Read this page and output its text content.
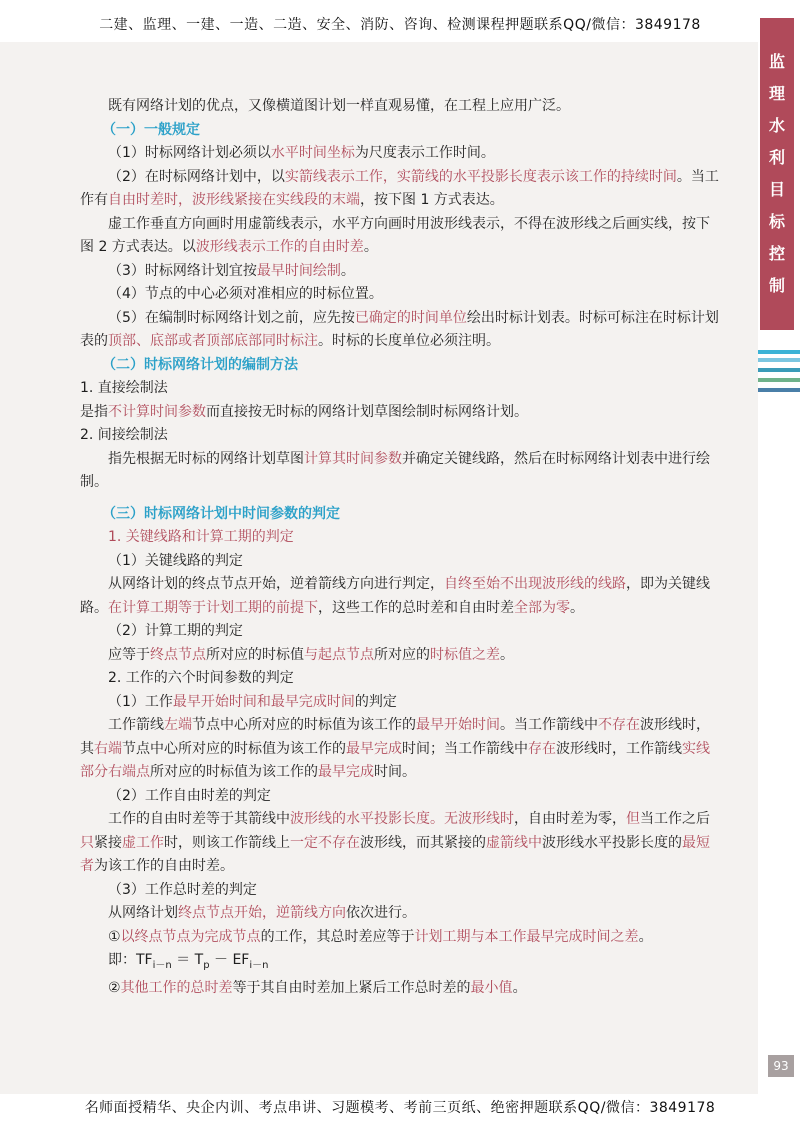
二建、监理、一建、一造、二造、安全、消防、咨询、检测课程押题联系QQ/微信：3849178
监
理
水
利
目
标
控
制

既有网络计划的优点，又像横道图计划一样直观易懂，在工程上应用广泛。

（一）一般规定

（1）时标网络计划必须以水平时间坐标为尺度表示工作时间。

（2）在时标网络计划中，以实箭线表示工作，实箭线的水平投影长度表示该工作的持续时间。当工作有自由时差时，波形线紧接在实线段的末端，按下图 1 方式表达。

虚工作垂直方向画时用虚箭线表示，水平方向画时用波形线表示，不得在波形线之后画实线，按下图 2 方式表达。以波形线表示工作的自由时差。

（3）时标网络计划宜按最早时间绘制。

（4）节点的中心必须对准相应的时标位置。

（5）在编制时标网络计划之前，应先按已确定的时间单位绘出时标计划表。时标可标注在时标计划表的顶部、底部或者顶部底部同时标注。时标的长度单位必须注明。

（二）时标网络计划的编制方法

1. 直接绘制法

是指不计算时间参数而直接按无时标的网络计划草图绘制时标网络计划。

2. 间接绘制法

指先根据无时标的网络计划草图计算其时间参数并确定关键线路，然后在时标网络计划表中进行绘制。

（三）时标网络计划中时间参数的判定

1. 关键线路和计算工期的判定

（1）关键线路的判定

从网络计划的终点节点开始，逆着箭线方向进行判定，自终至始不出现波形线的线路，即为关键线路。在计算工期等于计划工期的前提下，这些工作的总时差和自由时差全部为零。

（2）计算工期的判定

应等于终点节点所对应的时标值与起点节点所对应的时标值之差。

2. 工作的六个时间参数的判定

（1）工作最早开始时间和最早完成时间的判定

工作箭线左端节点中心所对应的时标值为该工作的最早开始时间。当工作箭线中不存在波形线时，其右端节点中心所对应的时标值为该工作的最早完成时间；当工作箭线中存在波形线时，工作箭线实线部分右端点所对应的时标值为该工作的最早完成时间。

（2）工作自由时差的判定

工作的自由时差等于其箭线中波形线的水平投影长度。无波形线时，自由时差为零，但当工作之后只紧接虚工作时，则该工作箭线上一定不存在波形线，而其紧接的虚箭线中波形线水平投影长度的最短者为该工作的自由时差。

（3）工作总时差的判定

从网络计划终点节点开始，逆箭线方向依次进行。

①以终点节点为完成节点的工作，其总时差应等于计划工期与本工作最早完成时间之差。

即：$TF_{i-n} = T_p - EF_{i-n}$

②其他工作的总时差等于其自由时差加上紧后工作总时差的最小值。

93
名师面授精华、央企内训、考点串讲、习题模考、考前三页纸、绝密押题联系QQ/微信：3849178
